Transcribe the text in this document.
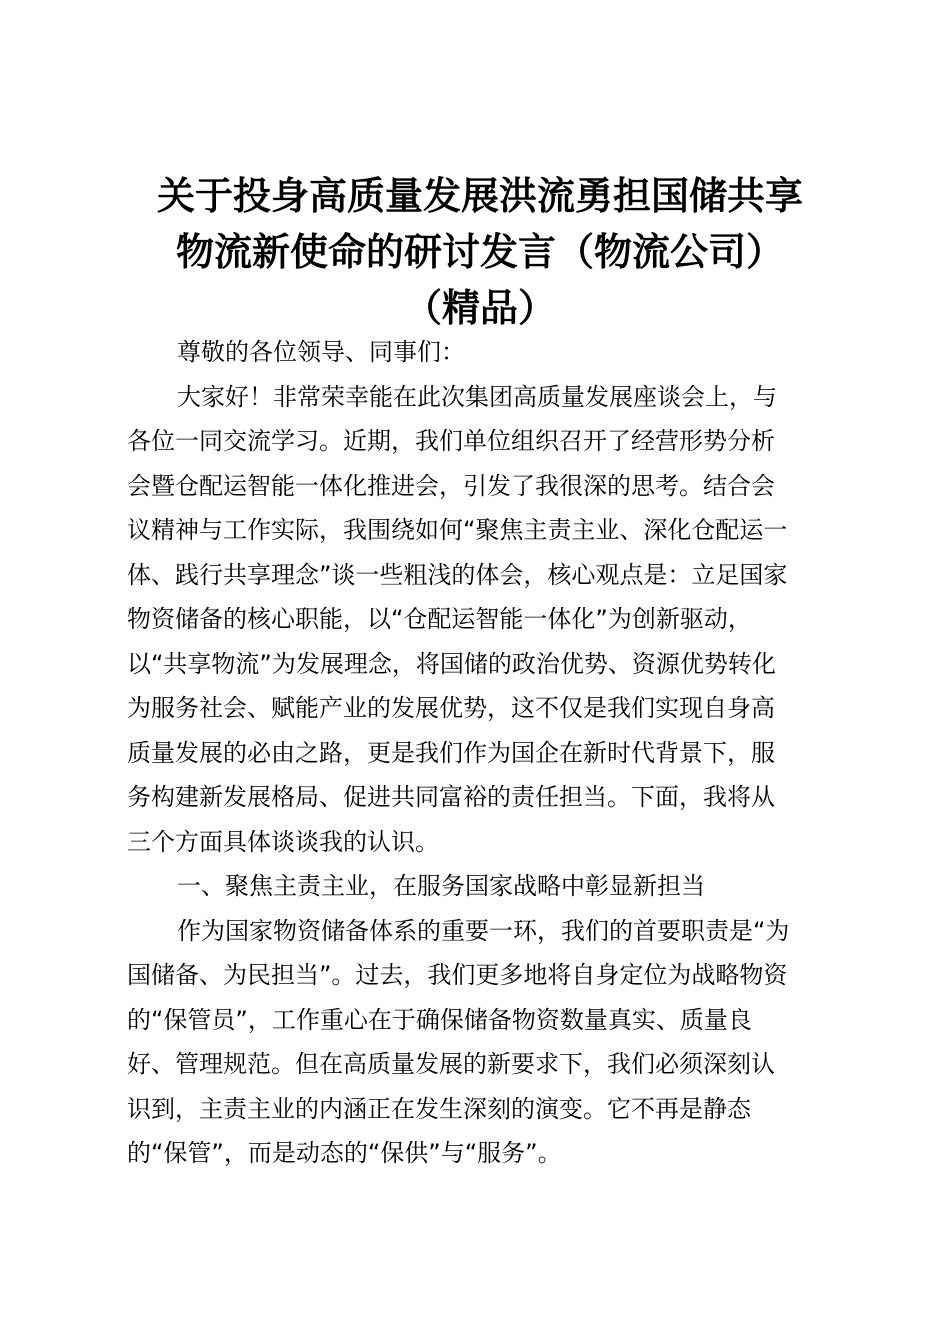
关于投身高质量发展洪流勇担国储共享
物流新使命的研讨发言（物流公司）
（精品）
尊敬的各位领导、同事们：
大家好！非常荣幸能在此次集团高质量发展座谈会上，与
各位一同交流学习。近期，我们单位组织召开了经营形势分析
会暨仓配运智能一体化推进会，引发了我很深的思考。结合会
议精神与工作实际，我围绕如何“聚焦主责主业、深化仓配运一
体、践行共享理念”谈一些粗浅的体会，核心观点是：立足国家
物资储备的核心职能，以“仓配运智能一体化”为创新驱动，
以“共享物流”为发展理念，将国储的政治优势、资源优势转化
为服务社会、赋能产业的发展优势，这不仅是我们实现自身高
质量发展的必由之路，更是我们作为国企在新时代背景下，服
务构建新发展格局、促进共同富裕的责任担当。下面，我将从
三个方面具体谈谈我的认识。
一、聚焦主责主业，在服务国家战略中彰显新担当
作为国家物资储备体系的重要一环，我们的首要职责是“为
国储备、为民担当”。过去，我们更多地将自身定位为战略物资
的“保管员”，工作重心在于确保储备物资数量真实、质量良
好、管理规范。但在高质量发展的新要求下，我们必须深刻认
识到，主责主业的内涵正在发生深刻的演变。它不再是静态
的“保管”，而是动态的“保供”与“服务”。
